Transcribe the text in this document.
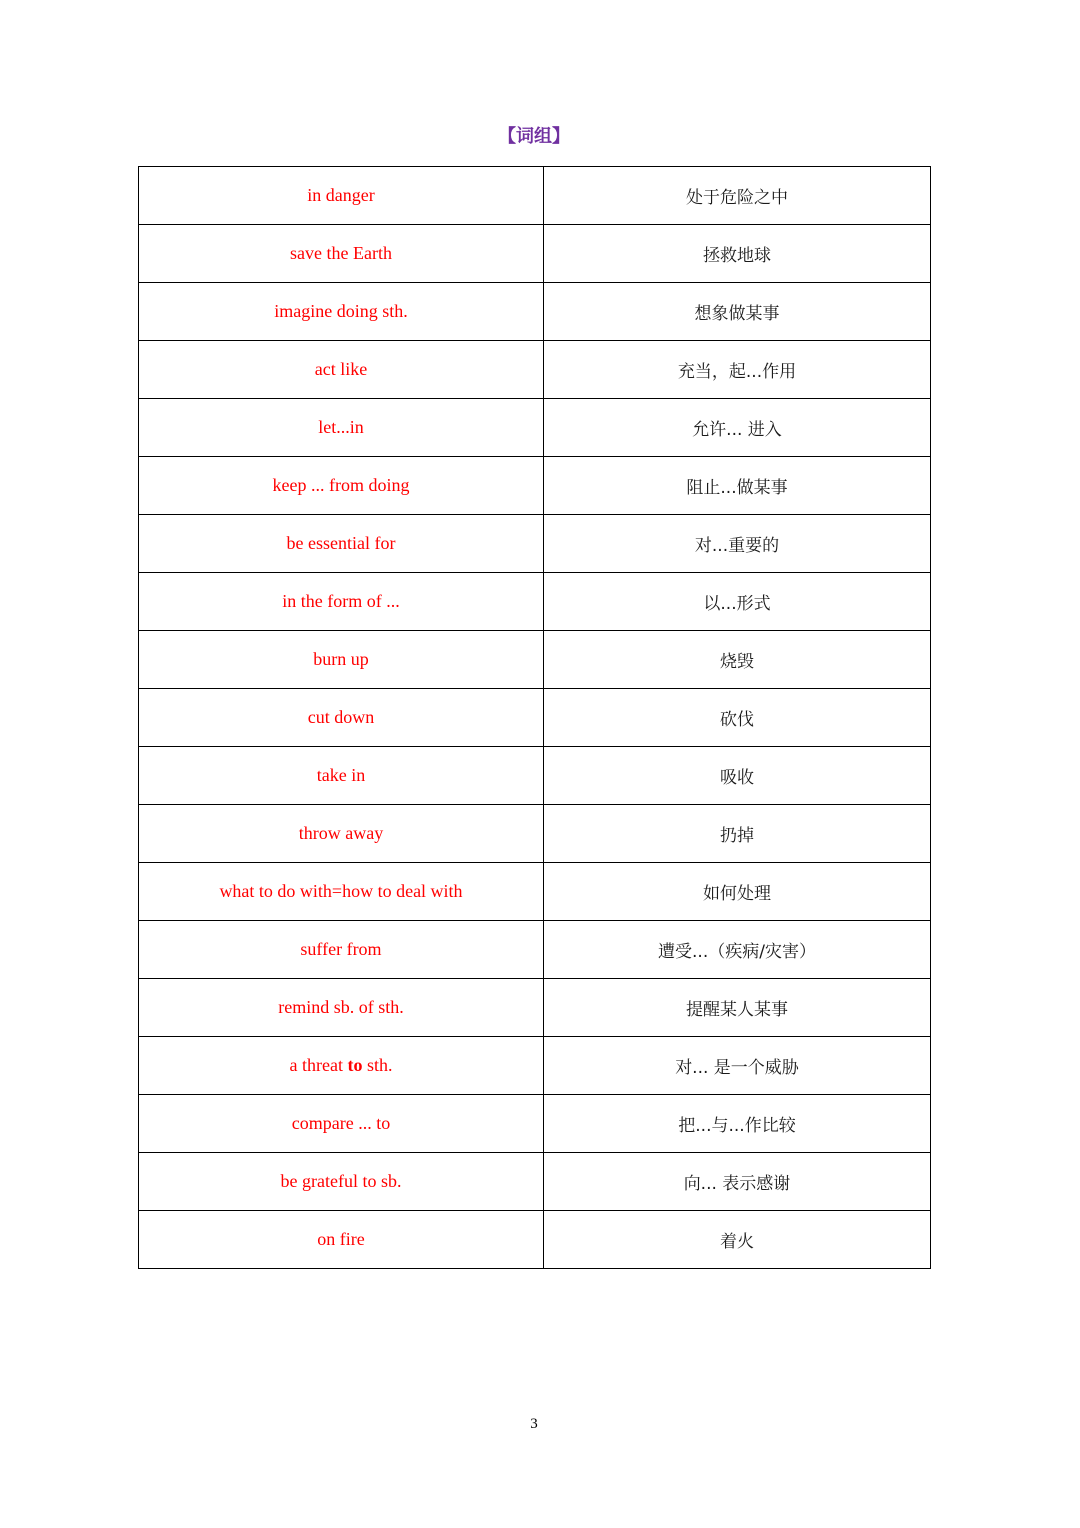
【词组】
in danger	处于危险之中
save the Earth	拯救地球
imagine doing sth.	想象做某事
act like	充当，起...作用
let...in	允许... 进入
keep ... from doing	阻止...做某事
be essential for	对...重要的
in the form of ...	以...形式
burn up	烧毁
cut down	砍伐
take in	吸收
throw away	扔掉
what to do with=how to deal with	如何处理
suffer from	遭受...（疾病/灾害）
remind sb. of sth.	提醒某人某事
a threat to sth.	对... 是一个威胁
compare ... to	把...与...作比较
be grateful to sb.	向... 表示感谢
on fire	着火
3
